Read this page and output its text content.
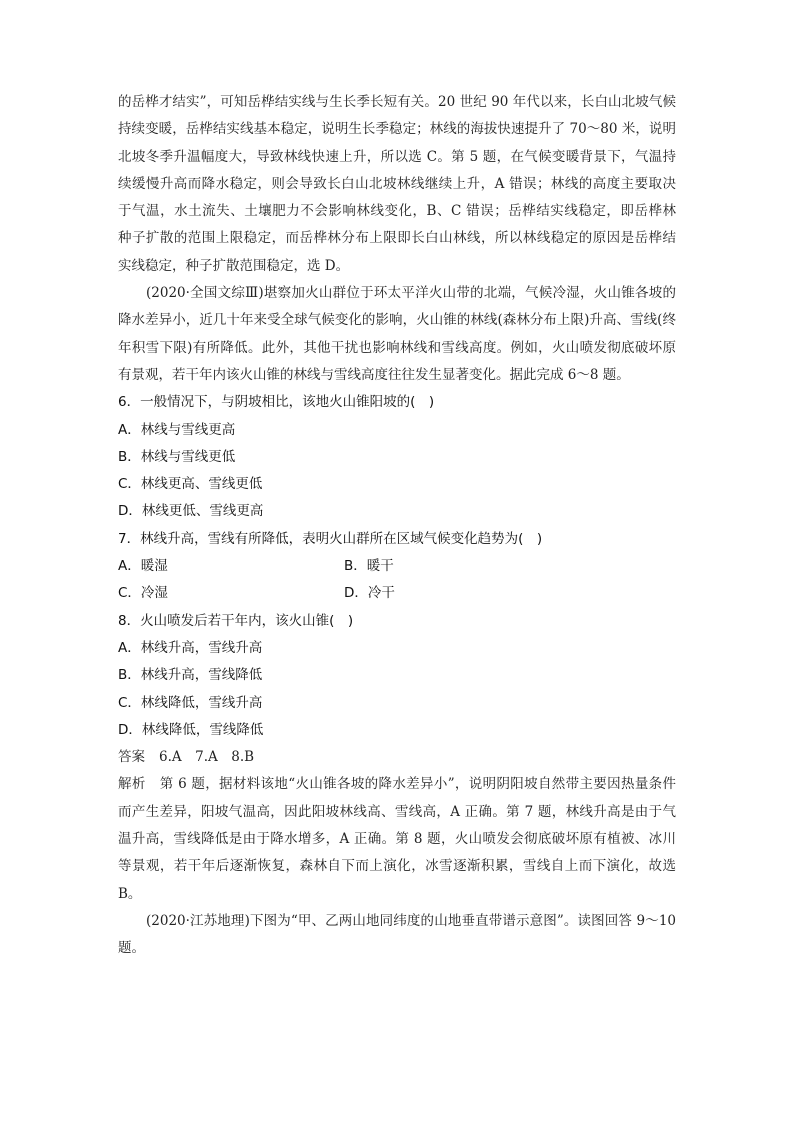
的岳桦才结实”，可知岳桦结实线与生长季长短有关。20 世纪 90 年代以来，长白山北坡气候
持续变暖，岳桦结实线基本稳定，说明生长季稳定；林线的海拔快速提升了 70～80 米，说明
北坡冬季升温幅度大，导致林线快速上升，所以选 C。第 5 题，在气候变暖背景下，气温持
续缓慢升高而降水稳定，则会导致长白山北坡林线继续上升，A 错误；林线的高度主要取决
于气温，水土流失、土壤肥力不会影响林线变化，B、C 错误；岳桦结实线稳定，即岳桦林
种子扩散的范围上限稳定，而岳桦林分布上限即长白山林线，所以林线稳定的原因是岳桦结
实线稳定，种子扩散范围稳定，选 D。
(2020·全国文综Ⅲ)堪察加火山群位于环太平洋火山带的北端，气候冷湿，火山锥各坡的
降水差异小，近几十年来受全球气候变化的影响，火山锥的林线(森林分布上限)升高、雪线(终
年积雪下限)有所降低。此外，其他干扰也影响林线和雪线高度。例如，火山喷发彻底破坏原
有景观，若干年内该火山锥的林线与雪线高度往往发生显著变化。据此完成 6～8 题。
6．一般情况下，与阴坡相比，该地火山锥阳坡的(　)
A．林线与雪线更高
B．林线与雪线更低
C．林线更高、雪线更低
D．林线更低、雪线更高
7．林线升高，雪线有所降低，表明火山群所在区域气候变化趋势为(　)
A．暖湿	B．暖干
C．冷湿	D．冷干
8．火山喷发后若干年内，该火山锥(　)
A．林线升高，雪线升高
B．林线升高，雪线降低
C．林线降低，雪线升高
D．林线降低，雪线降低
答案 6.A　7.A　8.B
解析 第 6 题，据材料该地“火山锥各坡的降水差异小”，说明阴阳坡自然带主要因热量条件
而产生差异，阳坡气温高，因此阳坡林线高、雪线高，A 正确。第 7 题，林线升高是由于气
温升高，雪线降低是由于降水增多，A 正确。第 8 题，火山喷发会彻底破坏原有植被、冰川
等景观，若干年后逐渐恢复，森林自下而上演化，冰雪逐渐积累，雪线自上而下演化，故选
B。
(2020·江苏地理)下图为“甲、乙两山地同纬度的山地垂直带谱示意图”。读图回答 9～10
题。
